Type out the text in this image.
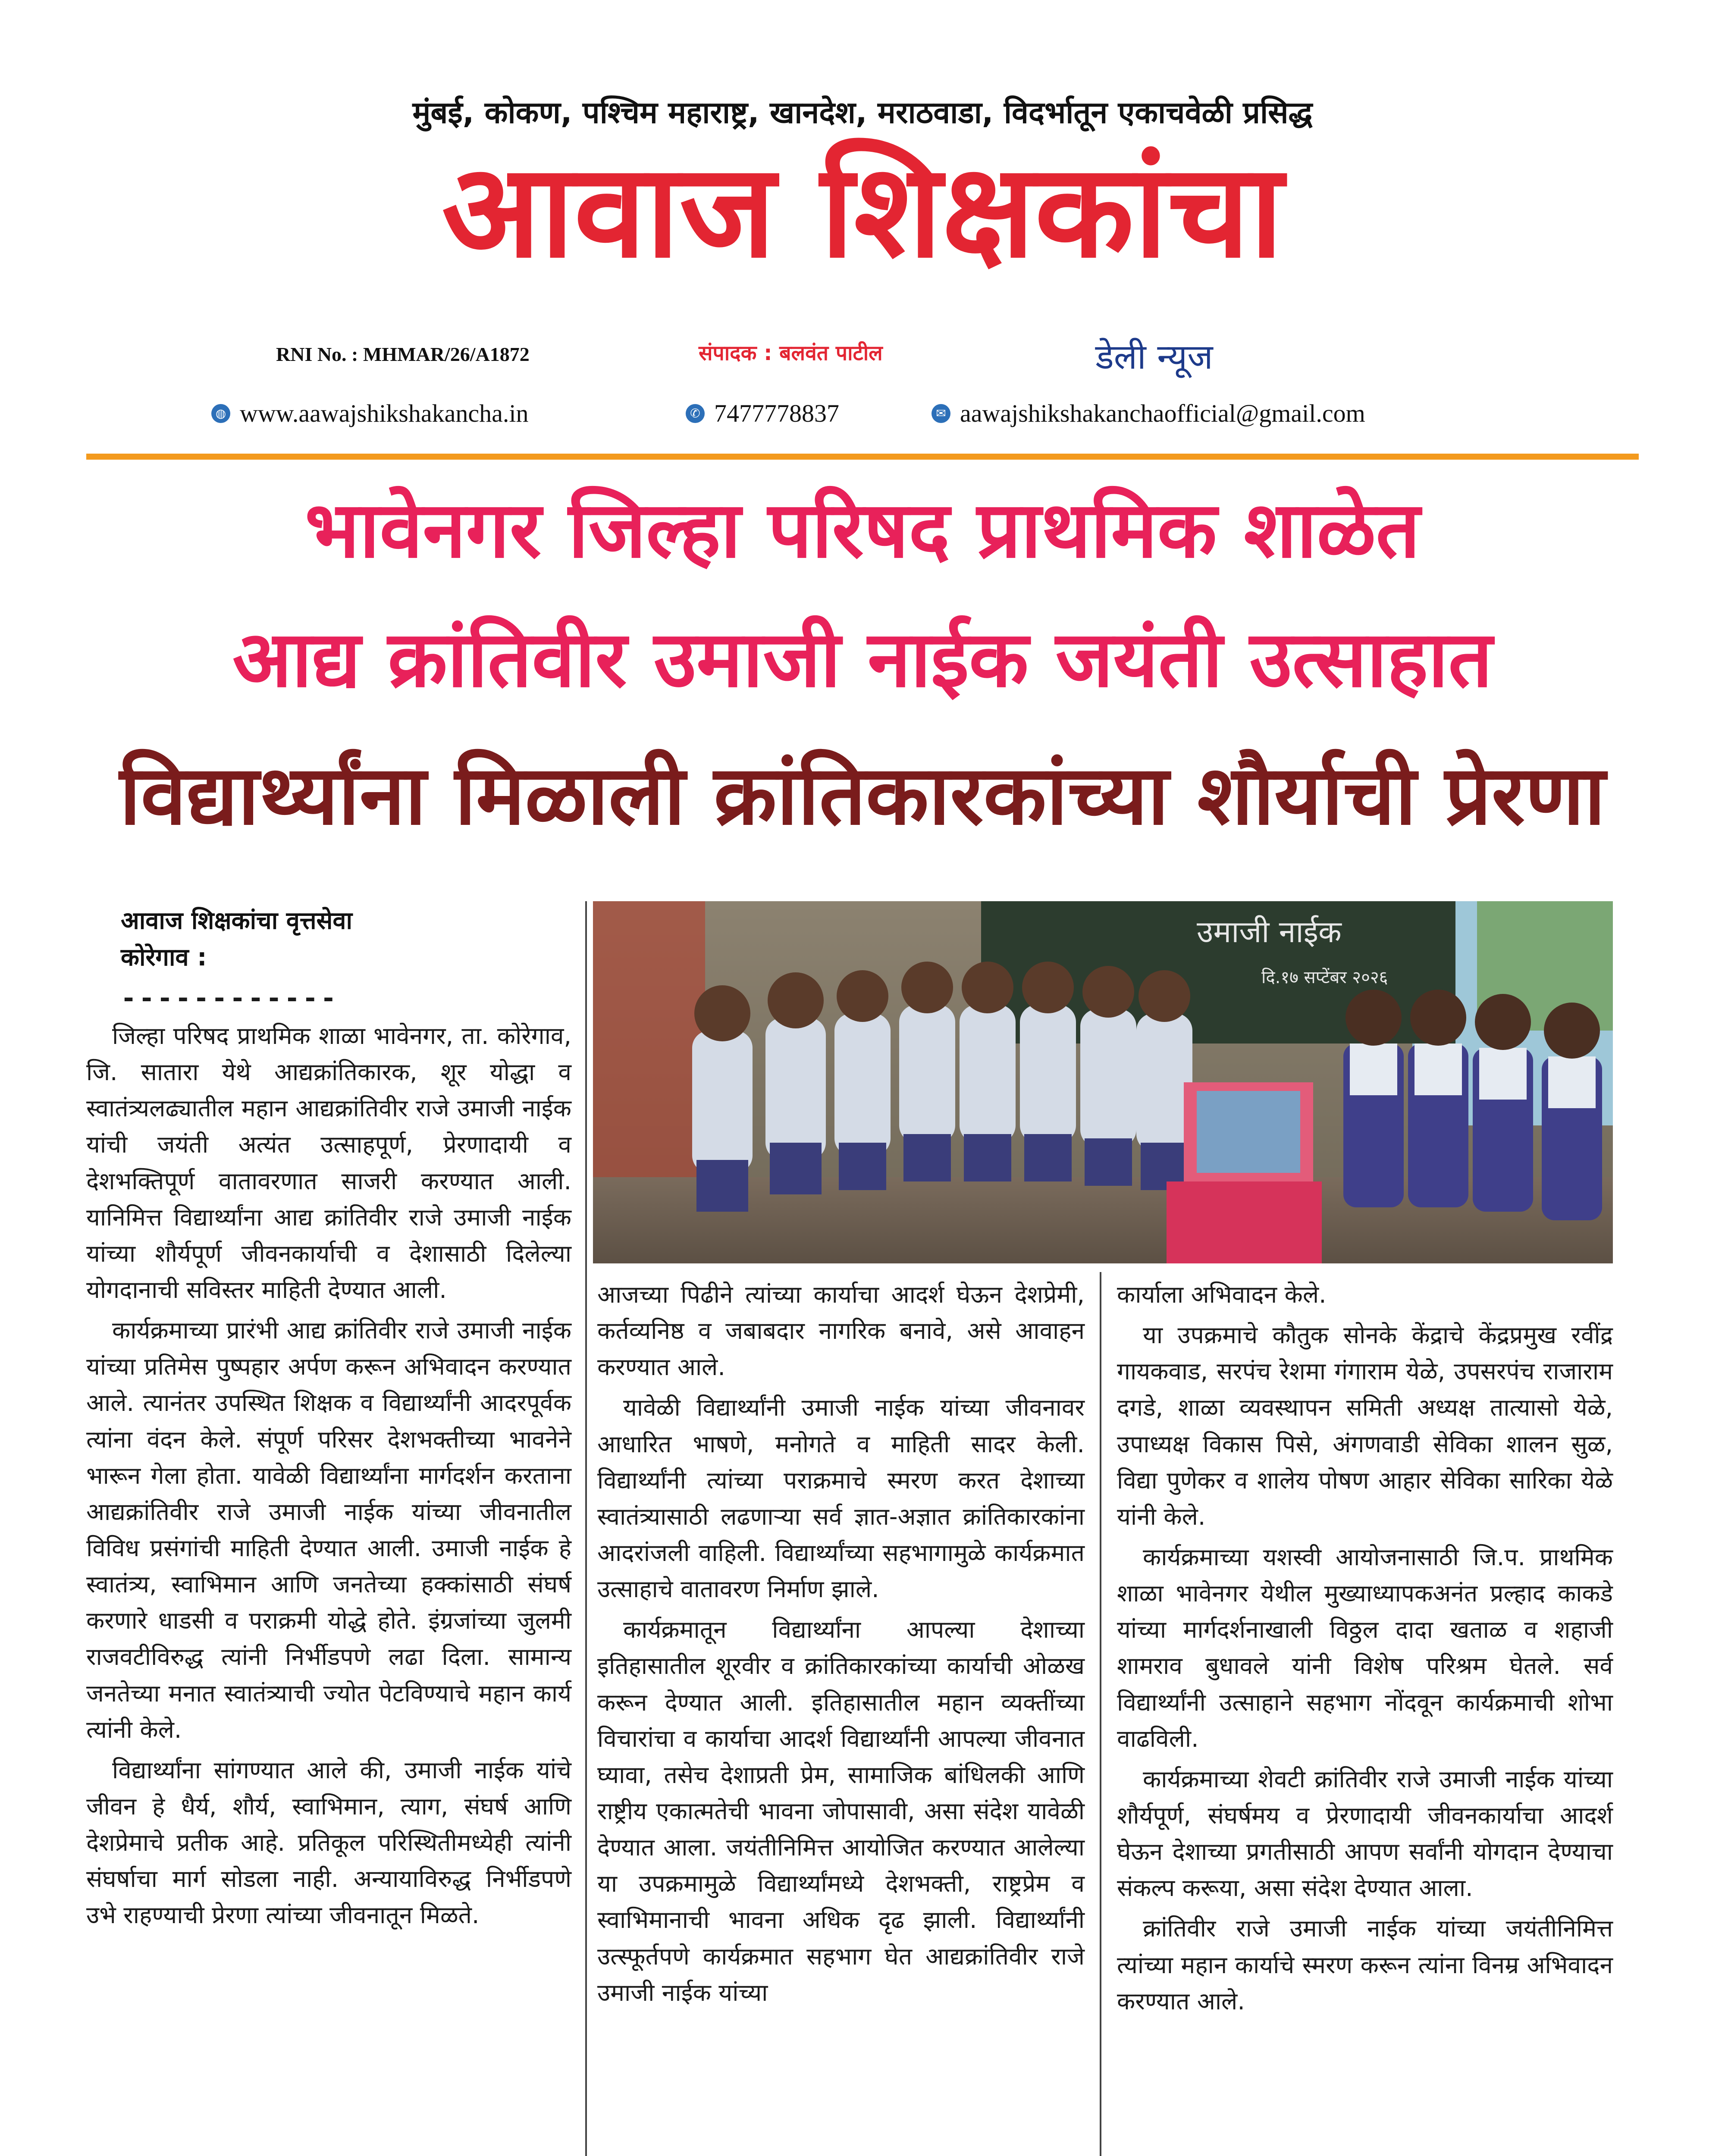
मुंबई, कोकण, पश्चिम महाराष्ट्र, खानदेश, मराठवाडा, विदर्भातून एकाचवेळी प्रसिद्ध
आवाज शिक्षकांचा
RNI No. : MHMAR/26/A1872	संपादक : बलवंत पाटील	डेली न्यूज
◍ www.aawajshikshakancha.in	✆ 7477778837	✉ aawajshikshakanchaofficial@gmail.com
भावेनगर जिल्हा परिषद प्राथमिक शाळेत
आद्य क्रांतिवीर उमाजी नाईक जयंती उत्साहात
विद्यार्थ्यांना मिळाली क्रांतिकारकांच्या शौर्याची प्रेरणा
आवाज शिक्षकांचा वृत्तसेवा
कोरेगाव :
------------
उमाजी नाईक
दि.१७ सप्टेंबर २०२६

जिल्हा परिषद प्राथमिक शाळा भावेनगर, ता. कोरेगाव, जि. सातारा येथे आद्यक्रांतिकारक, शूर योद्धा व स्वातंत्र्यलढ्यातील महान आद्यक्रांतिवीर राजे उमाजी नाईक यांची जयंती अत्यंत उत्साहपूर्ण, प्रेरणादायी व देशभक्तिपूर्ण वातावरणात साजरी करण्यात आली. यानिमित्त विद्यार्थ्यांना आद्य क्रांतिवीर राजे उमाजी नाईक यांच्या शौर्यपूर्ण जीवनकार्याची व देशासाठी दिलेल्या योगदानाची सविस्तर माहिती देण्यात आली.

कार्यक्रमाच्या प्रारंभी आद्य क्रांतिवीर राजे उमाजी नाईक यांच्या प्रतिमेस पुष्पहार अर्पण करून अभिवादन करण्यात आले. त्यानंतर उपस्थित शिक्षक व विद्यार्थ्यांनी आदरपूर्वक त्यांना वंदन केले. संपूर्ण परिसर देशभक्तीच्या भावनेने भारून गेला होता. यावेळी विद्यार्थ्यांना मार्गदर्शन करताना आद्यक्रांतिवीर राजे उमाजी नाईक यांच्या जीवनातील विविध प्रसंगांची माहिती देण्यात आली. उमाजी नाईक हे स्वातंत्र्य, स्वाभिमान आणि जनतेच्या हक्कांसाठी संघर्ष करणारे धाडसी व पराक्रमी योद्धे होते. इंग्रजांच्या जुलमी राजवटीविरुद्ध त्यांनी निर्भीडपणे लढा दिला. सामान्य जनतेच्या मनात स्वातंत्र्याची ज्योत पेटविण्याचे महान कार्य त्यांनी केले.

विद्यार्थ्यांना सांगण्यात आले की, उमाजी नाईक यांचे जीवन हे धैर्य, शौर्य, स्वाभिमान, त्याग, संघर्ष आणि देशप्रेमाचे प्रतीक आहे. प्रतिकूल परिस्थितीमध्येही त्यांनी संघर्षाचा मार्ग सोडला नाही. अन्यायाविरुद्ध निर्भीडपणे उभे राहण्याची प्रेरणा त्यांच्या जीवनातून मिळते.

आजच्या पिढीने त्यांच्या कार्याचा आदर्श घेऊन देशप्रेमी, कर्तव्यनिष्ठ व जबाबदार नागरिक बनावे, असे आवाहन करण्यात आले.

यावेळी विद्यार्थ्यांनी उमाजी नाईक यांच्या जीवनावर आधारित भाषणे, मनोगते व माहिती सादर केली. विद्यार्थ्यांनी त्यांच्या पराक्रमाचे स्मरण करत देशाच्या स्वातंत्र्यासाठी लढणाऱ्या सर्व ज्ञात-अज्ञात क्रांतिकारकांना आदरांजली वाहिली. विद्यार्थ्यांच्या सहभागामुळे कार्यक्रमात उत्साहाचे वातावरण निर्माण झाले.

कार्यक्रमातून विद्यार्थ्यांना आपल्या देशाच्या इतिहासातील शूरवीर व क्रांतिकारकांच्या कार्याची ओळख करून देण्यात आली. इतिहासातील महान व्यक्तींच्या विचारांचा व कार्याचा आदर्श विद्यार्थ्यांनी आपल्या जीवनात घ्यावा, तसेच देशाप्रती प्रेम, सामाजिक बांधिलकी आणि राष्ट्रीय एकात्मतेची भावना जोपासावी, असा संदेश यावेळी देण्यात आला. जयंतीनिमित्त आयोजित करण्यात आलेल्या या उपक्रमामुळे विद्यार्थ्यांमध्ये देशभक्ती, राष्ट्रप्रेम व स्वाभिमानाची भावना अधिक दृढ झाली. विद्यार्थ्यांनी उत्स्फूर्तपणे कार्यक्रमात सहभाग घेत आद्यक्रांतिवीर राजे उमाजी नाईक यांच्या

कार्याला अभिवादन केले.

या उपक्रमाचे कौतुक सोनके केंद्राचे केंद्रप्रमुख रवींद्र गायकवाड, सरपंच रेशमा गंगाराम येळे, उपसरपंच राजाराम दगडे, शाळा व्यवस्थापन समिती अध्यक्ष तात्यासो येळे, उपाध्यक्ष विकास पिसे, अंगणवाडी सेविका शालन सुळ, विद्या पुणेकर व शालेय पोषण आहार सेविका सारिका येळे यांनी केले.

कार्यक्रमाच्या यशस्वी आयोजनासाठी जि.प. प्राथमिक शाळा भावेनगर येथील मुख्याध्यापकअनंत प्रल्हाद काकडे यांच्या मार्गदर्शनाखाली विठ्ठल दादा खताळ व शहाजी शामराव बुधावले यांनी विशेष परिश्रम घेतले. सर्व विद्यार्थ्यांनी उत्साहाने सहभाग नोंदवून कार्यक्रमाची शोभा वाढविली.

कार्यक्रमाच्या शेवटी क्रांतिवीर राजे उमाजी नाईक यांच्या शौर्यपूर्ण, संघर्षमय व प्रेरणादायी जीवनकार्याचा आदर्श घेऊन देशाच्या प्रगतीसाठी आपण सर्वांनी योगदान देण्याचा संकल्प करूया, असा संदेश देण्यात आला.

क्रांतिवीर राजे उमाजी नाईक यांच्या जयंतीनिमित्त त्यांच्या महान कार्याचे स्मरण करून त्यांना विनम्र अभिवादन करण्यात आले.
